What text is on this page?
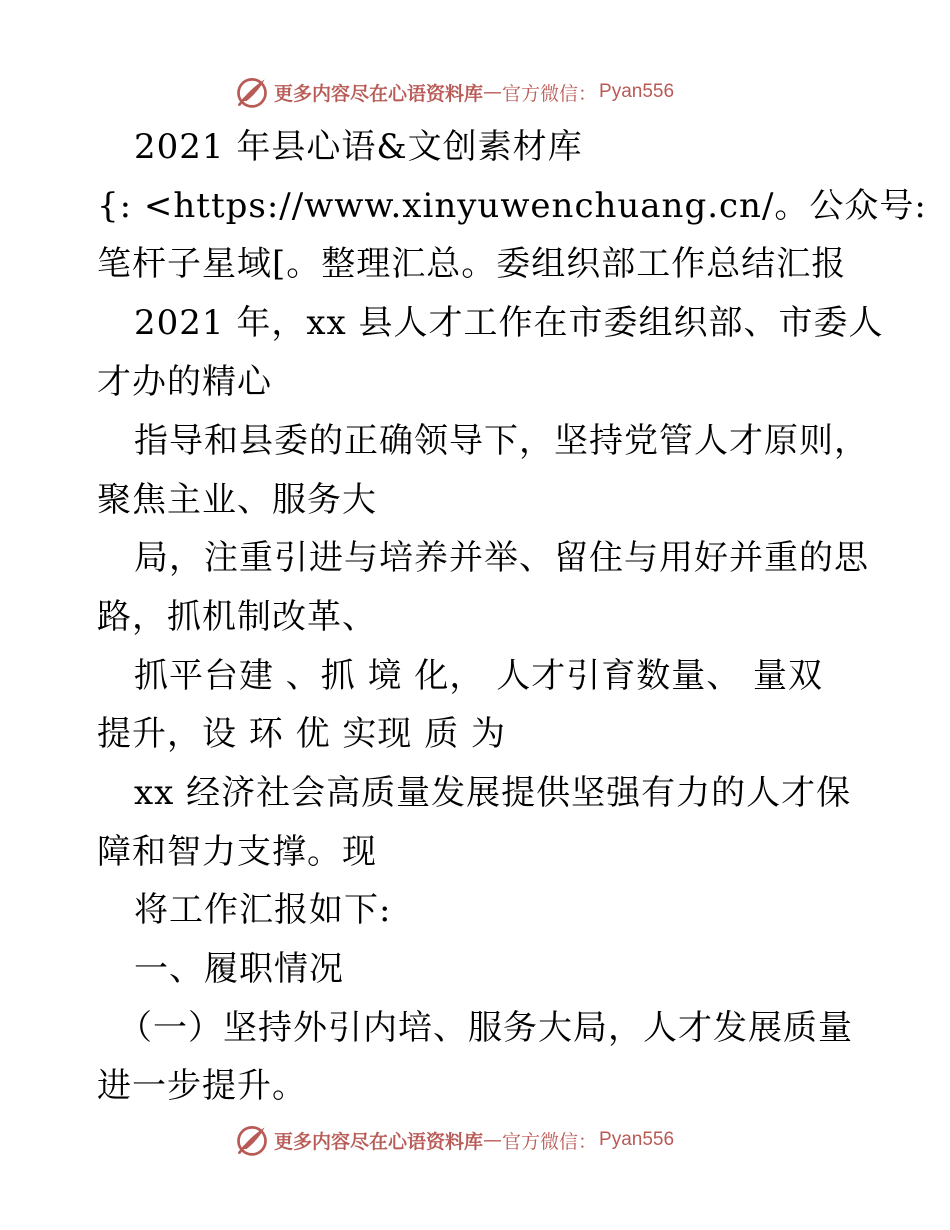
更多内容尽在心语资料库 — 官方微信： Pyan556
2021 年县心语&文创素材库
{: <https://www.xinyuwenchuang.cn/。公众号:
笔杆子星域[。整理汇总。委组织部工作总结汇报
2021 年，xx 县人才工作在市委组织部、市委人
才办的精心
指导和县委的正确领导下，坚持党管人才原则，
聚焦主业、服务大
局，注重引进与培养并举、留住与用好并重的思
路，抓机制改革、
抓平台建 、抓 境 化， 人才引育数量、 量双
提升，设 环 优 实现 质 为
xx 经济社会高质量发展提供坚强有力的人才保
障和智力支撑。现
将工作汇报如下:
一、履职情况
（一）坚持外引内培、服务大局，人才发展质量
进一步提升。
更多内容尽在心语资料库 — 官方微信： Pyan556
